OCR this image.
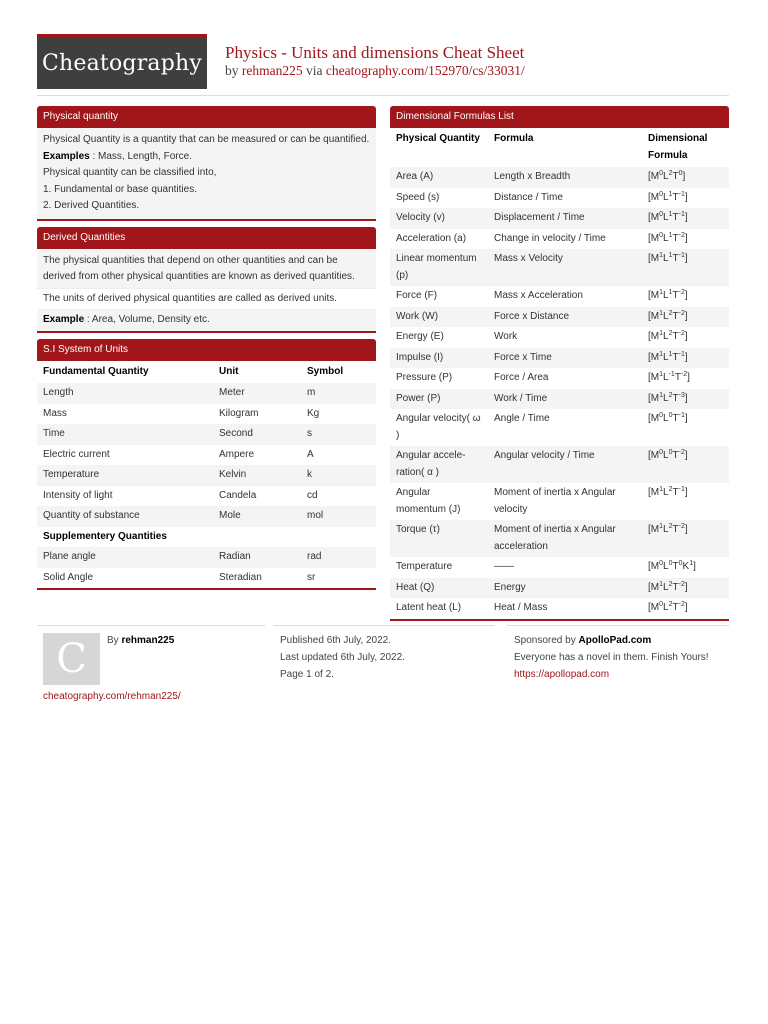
Cheatography Physics - Units and dimensions Cheat Sheet
by rehman225 via cheatography.com/152970/cs/33031/
Physical quantity
Physical Quantity is a quantity that can be measured or can be quantified.
Examples : Mass, Length, Force.
Physical quantity can be classified into,
1. Fundamental or base quantities.
2. Derived Quantities.
Derived Quantities
The physical quantities that depend on other quantities and can be derived from other physical quantities are known as derived quantities.
The units of derived physical quantities are called as derived units.
Example : Area, Volume, Density etc.
S.I System of Units
Fundamental Quantity	Unit	Symbol
Length	Meter	m
Mass	Kilogram	Kg
Time	Second	s
Electric current	Ampere	A
Temperature	Kelvin	k
Intensity of light	Candela	cd
Quantity of substance	Mole	mol
Supplementery Quantities		
Plane angle	Radian	rad
Solid Angle	Steradian	sr
Dimensional Formulas List
Physical Quantity	Formula	Dimensional Formula
Area (A)	Length x Breadth	$[M^0L^2T^0]$
Speed (s)	Distance / Time	$[M^0L^1T^{-1}]$
Velocity (v)	Displacement / Time	$[M^0L^1T^{-1}]$
Acceleration (a)	Change in velocity / Time	$[M^0L^1T^{-2}]$
Linear momentum (p)	Mass x Velocity	$[M^1L^1T^{-1}]$
Force (F)	Mass x Acceleration	$[M^1L^1T^{-2}]$
Work (W)	Force x Distance	$[M^1L^2T^{-2}]$
Energy (E)	Work	$[M^1L^2T^{-2}]$
Impulse (I)	Force x Time	$[M^1L^1T^{-1}]$
Pressure (P)	Force / Area	$[M^1L^{-1}T^{-2}]$
Power (P)	Work / Time	$[M^1L^2T^{-3}]$
Angular velocity( ω )	Angle / Time	$[M^0L^0T^{-1}]$
Angular acceleration( α )	Angular velocity / Time	$[M^0L^0T^{-2}]$
Angular momentum (J)	Moment of inertia x Angular velocity	$[M^1L^2T^{-1}]$
Torque (τ)	Moment of inertia x Angular acceleration	$[M^1L^2T^{-2}]$
Temperature	——	$[M^0L^0T^0K^1]$
Heat (Q)	Energy	$[M^1L^2T^{-2}]$
Latent heat (L)	Heat / Mass	$[M^0L^2T^{-2}]$
C	By rehman225
cheatography.com/rehman225/
Published 6th July, 2022.
Last updated 6th July, 2022.
Page 1 of 2.
Sponsored by ApolloPad.com
Everyone has a novel in them. Finish Yours!
https://apollopad.com
